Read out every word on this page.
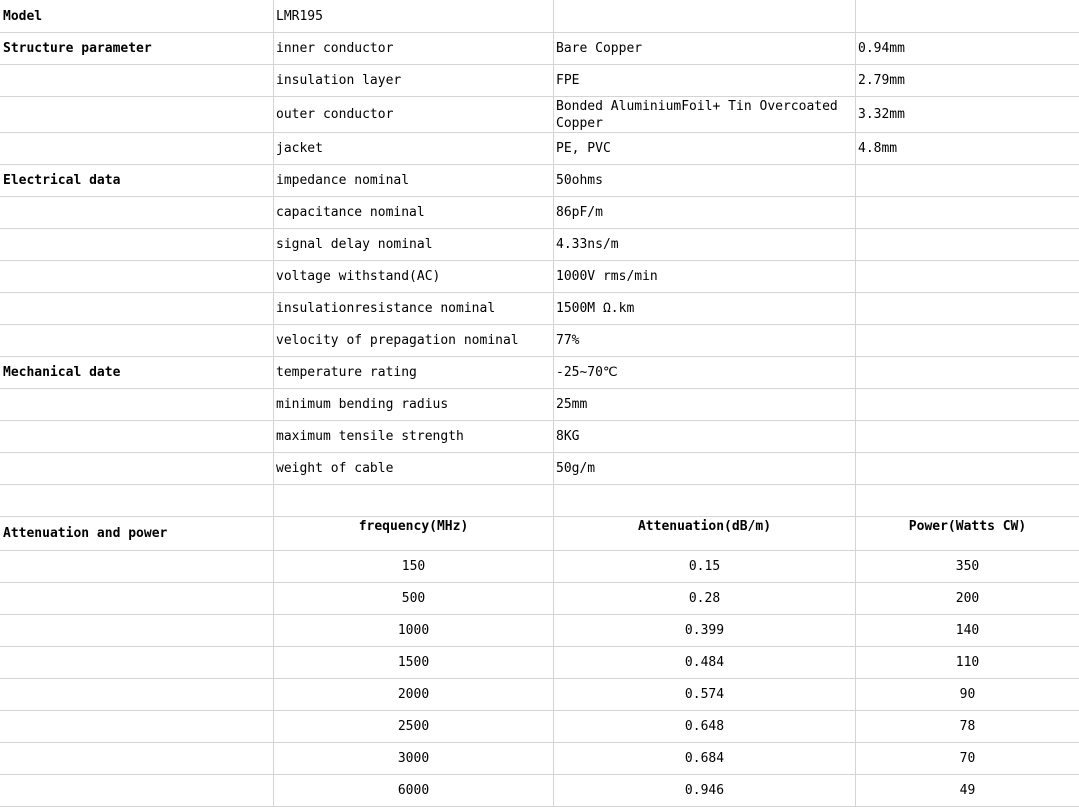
Model	LMR195		
Structure parameter	inner conductor	Bare Copper	0.94mm
	insulation layer	FPE	2.79mm
	outer conductor	Bonded AluminiumFoil+ Tin Overcoated Copper	3.32mm
	jacket	PE, PVC	4.8mm
Electrical data	impedance nominal	50ohms	
	capacitance nominal	86pF/m	
	signal delay nominal	4.33ns/m	
	voltage withstand(AC)	1000V rms/min	
	insulationresistance nominal	1500M Ω.km	
	velocity of prepagation nominal	77%	
Mechanical date	temperature rating	-25~70℃	
	minimum bending radius	25mm	
	maximum tensile strength	8KG	
	weight of cable	50g/m	

Attenuation and power	frequency(MHz)	Attenuation(dB/m)	Power(Watts CW)
	150	0.15	350
	500	0.28	200
	1000	0.399	140
	1500	0.484	110
	2000	0.574	90
	2500	0.648	78
	3000	0.684	70
	6000	0.946	49
